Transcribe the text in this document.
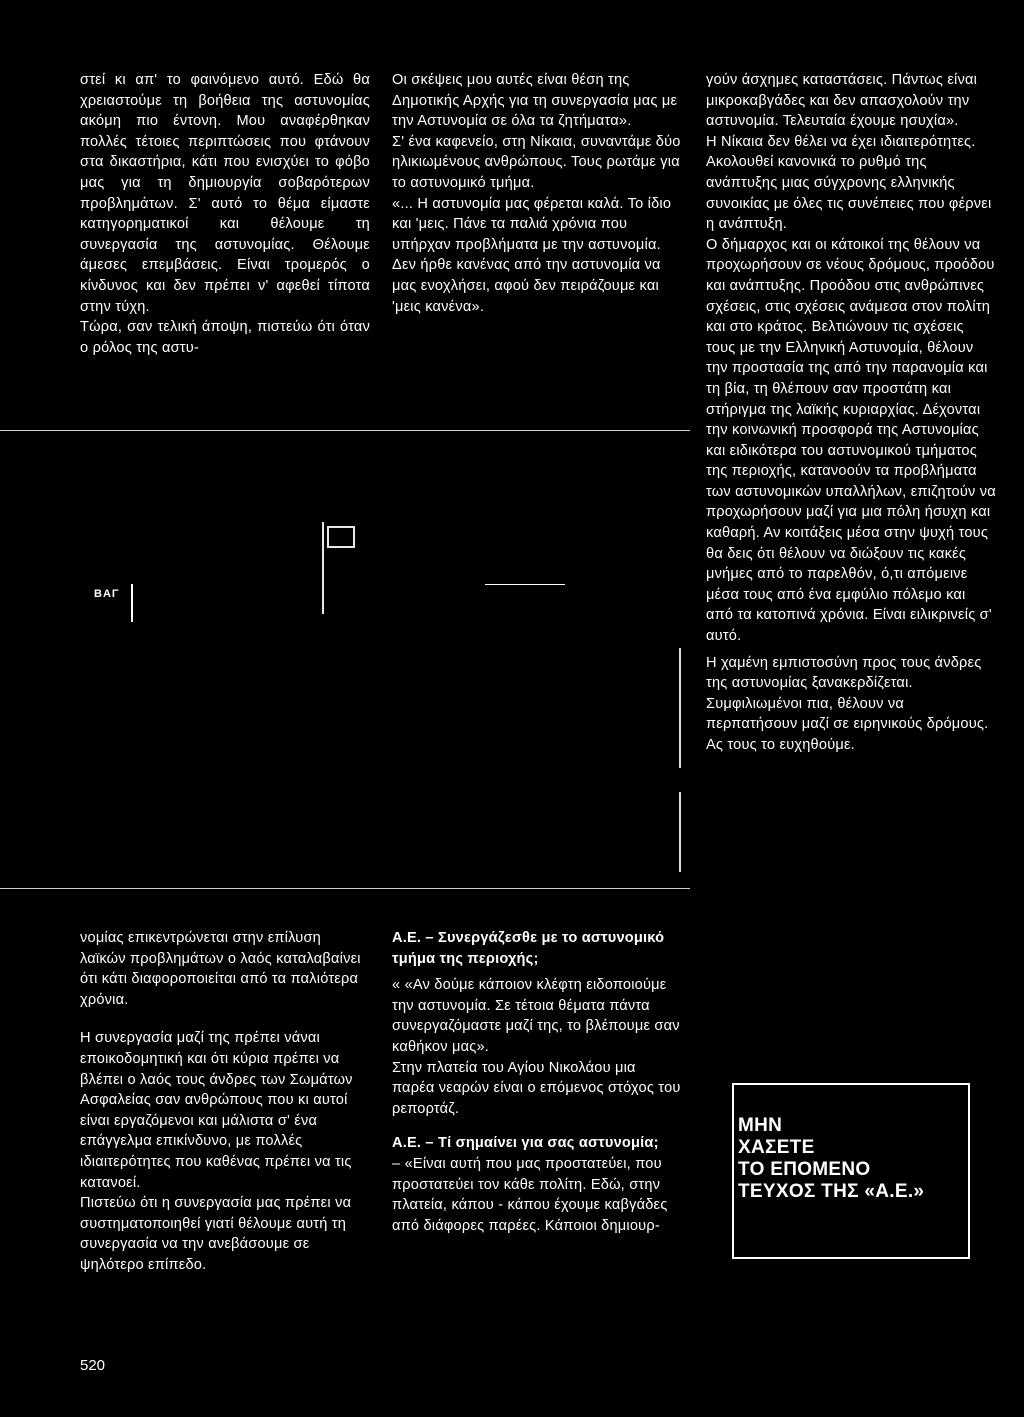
στεί κι απ' το φαινόμενο αυτό. Εδώ θα χρειαστούμε τη βοήθεια της αστυνομίας ακόμη πιο έντονη. Μου αναφέρθηκαν πολλές τέτοιες περιπτώσεις που φτάνουν στα δικαστήρια, κάτι που ενισχύει το φόβο μας για τη δημιουργία σοβαρότερων προβλημάτων. Σ' αυτό το θέμα είμαστε κατηγορηματικοί και θέλουμε τη συνεργασία της αστυνομίας. Θέλουμε άμεσες επεμβάσεις. Είναι τρομερός ο κίνδυνος και δεν πρέπει ν' αφεθεί τίποτα στην τύχη.

Τώρα, σαν τελική άποψη, πιστεύω ότι όταν ο ρόλος της αστυ-

Οι σκέψεις μου αυτές είναι θέση της Δημοτικής Αρχής για τη συνεργασία μας με την Αστυνομία σε όλα τα ζητήματα».

Σ' ένα καφενείο, στη Νίκαια, συναντάμε δύο ηλικιωμένους ανθρώπους. Τους ρωτάμε για το αστυνομικό τμήμα.

«... Η αστυνομία μας φέρεται καλά. Το ίδιο και 'μεις. Πάνε τα παλιά χρόνια που υπήρχαν προβλήματα με την αστυνομία. Δεν ήρθε κανένας από την αστυνομία να μας ενοχλήσει, αφού δεν πειράζουμε και 'μεις κανένα».

γούν άσχημες καταστάσεις. Πάντως είναι μικροκαβγάδες και δεν απασχολούν την αστυνομία. Τελευταία έχουμε ησυχία».

Η Νίκαια δεν θέλει να έχει ιδιαιτερότητες. Ακολουθεί κανονικά το ρυθμό της ανάπτυξης μιας σύγχρονης ελληνικής συνοικίας με όλες τις συνέπειες που φέρνει η ανάπτυξη.

Ο δήμαρχος και οι κάτοικοί της θέλουν να προχωρήσουν σε νέους δρόμους, προόδου και ανάπτυξης. Προόδου στις ανθρώπινες σχέσεις, στις σχέσεις ανάμεσα στον πολίτη και στο κράτος. Βελτιώνουν τις σχέσεις τους με την Ελληνική Αστυνομία, θέλουν την προστασία της από την παρανομία και τη βία, τη θλέπουν σαν προστάτη και στήριγμα της λαϊκής κυριαρχίας. Δέχονται την κοινωνική προσφορά της Αστυνομίας και ειδικότερα του αστυνομικού τμήματος της περιοχής, κατανοούν τα προβλήματα των αστυνομικών υπαλλήλων, επιζητούν να προχωρήσουν μαζί για μια πόλη ήσυχη και καθαρή. Αν κοιτάξεις μέσα στην ψυχή τους θα δεις ότι θέλουν να διώξουν τις κακές μνήμες από το παρελθόν, ό,τι απόμεινε μέσα τους από ένα εμφύλιο πόλεμο και από τα κατοπινά χρόνια. Είναι ειλικρινείς σ' αυτό.

Η χαμένη εμπιστοσύνη προς τους άνδρες της αστυνομίας ξανακερδίζεται.

Συμφιλιωμένοι πια, θέλουν να περπατήσουν μαζί σε ειρηνικούς δρόμους.

Ας τους το ευχηθούμε.

ΒΑΓ

νομίας επικεντρώνεται στην επίλυση λαϊκών προβλημάτων ο λαός καταλαβαίνει ότι κάτι διαφοροποιείται από τα παλιότερα χρόνια.

Η συνεργασία μαζί της πρέπει νάναι εποικοδομητική και ότι κύρια πρέπει να βλέπει ο λαός τους άνδρες των Σωμάτων Ασφαλείας σαν ανθρώπους που κι αυτοί είναι εργαζόμενοι και μάλιστα σ' ένα επάγγελμα επικίνδυνο, με πολλές ιδιαιτερότητες που καθένας πρέπει να τις κατανοεί.

Πιστεύω ότι η συνεργασία μας πρέπει να συστηματοποιηθεί γιατί θέλουμε αυτή τη συνεργασία να την ανεβάσουμε σε ψηλότερο επίπεδο.

Α.Ε. – Συνεργάζεσθε με το αστυνομικό τμήμα της περιοχής;

« «Αν δούμε κάποιον κλέφτη ειδοποιούμε την αστυνομία. Σε τέτοια θέματα πάντα συνεργαζόμαστε μαζί της, το βλέπουμε σαν καθήκον μας».

Στην πλατεία του Αγίου Νικολάου μια παρέα νεαρών είναι ο επόμενος στόχος του ρεπορτάζ.

Α.Ε. – Τί σημαίνει για σας αστυνομία;

– «Είναι αυτή που μας προστατεύει, που προστατεύει τον κάθε πολίτη. Εδώ, στην πλατεία, κάπου - κάπου έχουμε καβγάδες από διάφορες παρέες. Κάποιοι δημιουρ-

ΜΗΝ
ΧΑΣΕΤΕ
ΤΟ ΕΠΟΜΕΝΟ
ΤΕΥΧΟΣ ΤΗΣ «Α.Ε.»
520
